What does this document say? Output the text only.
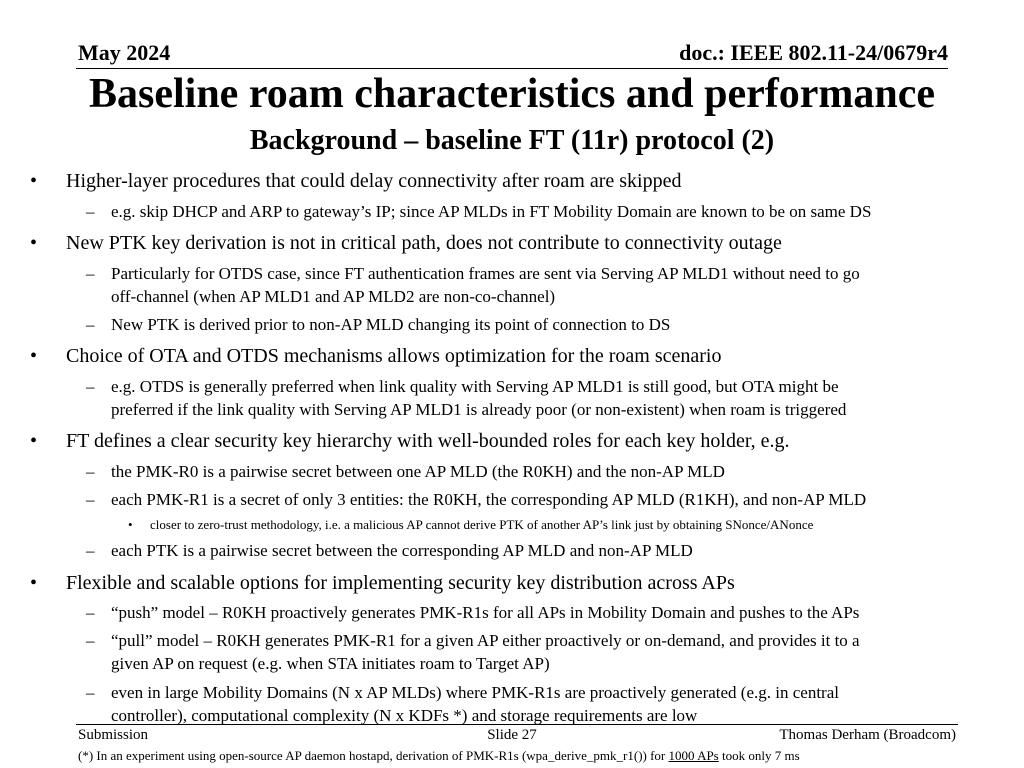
May 2024	doc.: IEEE 802.11-24/0679r4
Baseline roam characteristics and performance
Background – baseline FT (11r) protocol (2)
• Higher-layer procedures that could delay connectivity after roam are skipped
– e.g. skip DHCP and ARP to gateway’s IP; since AP MLDs in FT Mobility Domain are known to be on same DS
• New PTK key derivation is not in critical path, does not contribute to connectivity outage
– Particularly for OTDS case, since FT authentication frames are sent via Serving AP MLD1 without need to go
off-channel (when AP MLD1 and AP MLD2 are non-co-channel)
– New PTK is derived prior to non-AP MLD changing its point of connection to DS
• Choice of OTA and OTDS mechanisms allows optimization for the roam scenario
– e.g. OTDS is generally preferred when link quality with Serving AP MLD1 is still good, but OTA might be
preferred if the link quality with Serving AP MLD1 is already poor (or non-existent) when roam is triggered
• FT defines a clear security key hierarchy with well-bounded roles for each key holder, e.g.
– the PMK-R0 is a pairwise secret between one AP MLD (the R0KH) and the non-AP MLD
– each PMK-R1 is a secret of only 3 entities: the R0KH, the corresponding AP MLD (R1KH), and non-AP MLD
• closer to zero-trust methodology, i.e. a malicious AP cannot derive PTK of another AP’s link just by obtaining SNonce/ANonce
– each PTK is a pairwise secret between the corresponding AP MLD and non-AP MLD
• Flexible and scalable options for implementing security key distribution across APs
– “push” model – R0KH proactively generates PMK-R1s for all APs in Mobility Domain and pushes to the APs
– “pull” model – R0KH generates PMK-R1 for a given AP either proactively or on-demand, and provides it to a
given AP on request (e.g. when STA initiates roam to Target AP)
– even in large Mobility Domains (N x AP MLDs) where PMK-R1s are proactively generated (e.g. in central
controller), computational complexity (N x KDFs *) and storage requirements are low
Submission	Slide 27	Thomas Derham (Broadcom)
(*) In an experiment using open-source AP daemon hostapd, derivation of PMK-R1s (wpa_derive_pmk_r1()) for 1000 APs took only 7 ms
